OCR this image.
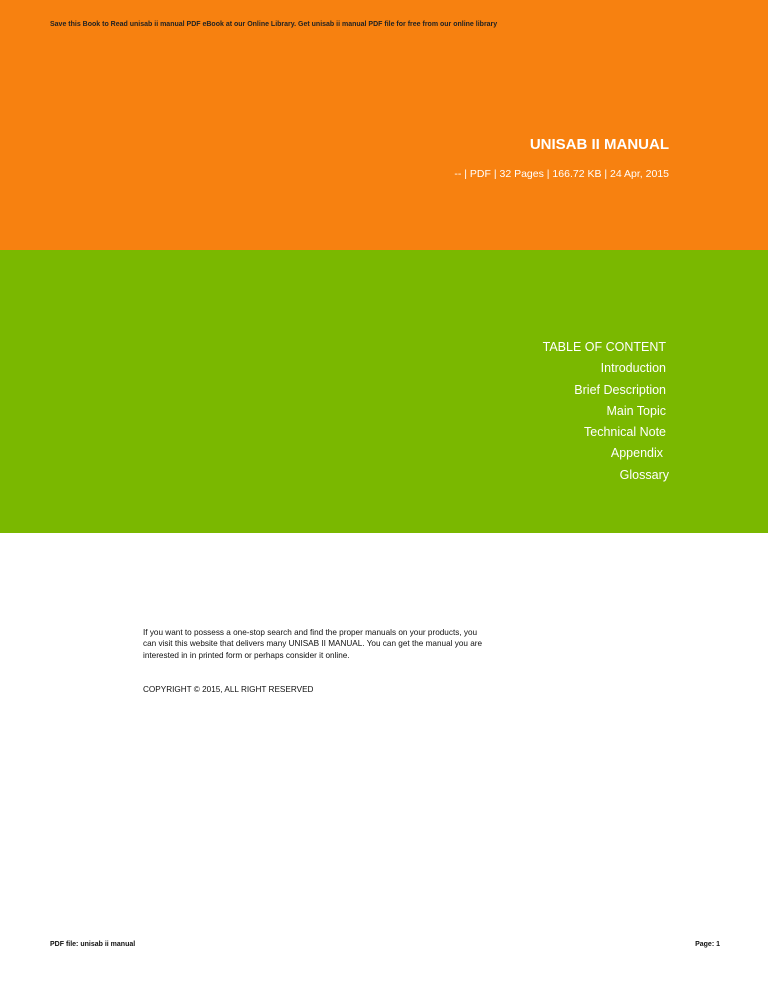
Save this Book to Read unisab ii manual PDF eBook at our Online Library. Get unisab ii manual PDF file for free from our online library
UNISAB II MANUAL
-- | PDF | 32 Pages | 166.72 KB | 24 Apr, 2015
TABLE OF CONTENT
Introduction
Brief Description
Main Topic
Technical Note
Appendix
Glossary
If you want to possess a one-stop search and find the proper manuals on your products, you can visit this website that delivers many UNISAB II MANUAL. You can get the manual you are interested in in printed form or perhaps consider it online.
COPYRIGHT © 2015, ALL RIGHT RESERVED
PDF file: unisab ii manual	Page: 1
